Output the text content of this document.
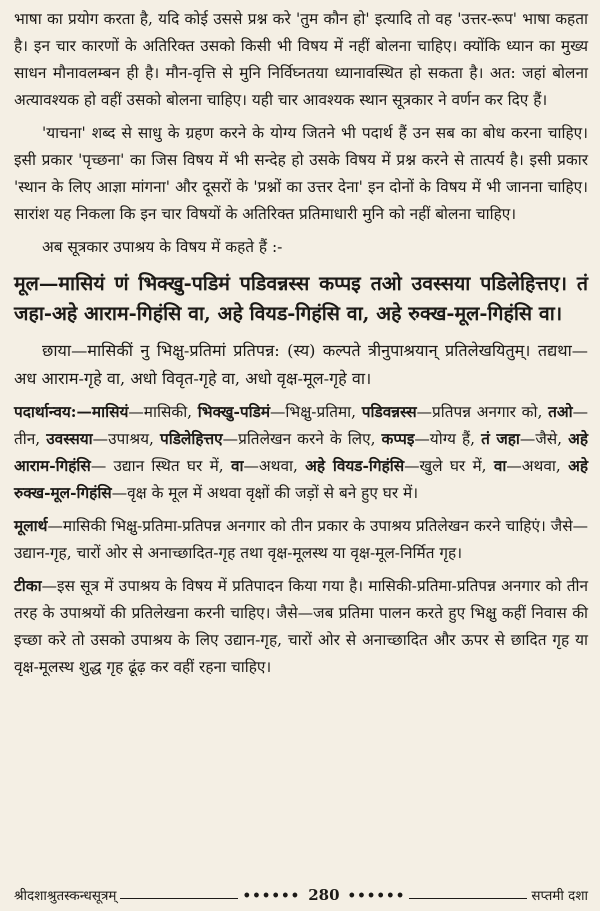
भाषा का प्रयोग करता है, यदि कोई उससे प्रश्न करे 'तुम कौन हो' इत्यादि तो वह 'उत्तर-रूप' भाषा कहता है। इन चार कारणों के अतिरिक्त उसको किसी भी विषय में नहीं बोलना चाहिए। क्योंकि ध्यान का मुख्य साधन मौनावलम्बन ही है। मौन-वृत्ति से मुनि निर्विघ्नतया ध्यानावस्थित हो सकता है। अत: जहां बोलना अत्यावश्यक हो वहीं उसको बोलना चाहिए। यही चार आवश्यक स्थान सूत्रकार ने वर्णन कर दिए हैं।

'याचना' शब्द से साधु के ग्रहण करने के योग्य जितने भी पदार्थ हैं उन सब का बोध करना चाहिए। इसी प्रकार 'पृच्छना' का जिस विषय में भी सन्देह हो उसके विषय में प्रश्न करने से तात्पर्य है। इसी प्रकार 'स्थान के लिए आज्ञा मांगना' और दूसरों के 'प्रश्नों का उत्तर देना' इन दोनों के विषय में भी जानना चाहिए। सारांश यह निकला कि इन चार विषयों के अतिरिक्त प्रतिमाधारी मुनि को नहीं बोलना चाहिए।

अब सूत्रकार उपाश्रय के विषय में कहते हैं :-

मूल—मासियं णं भिक्खु-पडिमं पडिवन्नस्स कप्पइ तओ उवस्सया पडिलेहित्तए। तं जहा-अहे आराम-गिहंसि वा, अहे वियड-गिहंसि वा, अहे रुक्ख-मूल-गिहंसि वा।

छाया—मासिकीं नु भिक्षु-प्रतिमां प्रतिपन्न: (स्य) कल्पते त्रीनुपाश्रयान् प्रतिलेखयितुम्। तद्यथा—अध आराम-गृहे वा, अधो विवृत-गृहे वा, अधो वृक्ष-मूल-गृहे वा।

पदार्थान्वय:—मासियं—मासिकी, भिक्खु-पडिमं—भिक्षु-प्रतिमा, पडिवन्नस्स—प्रतिपन्न अनगार को, तओ—तीन, उवस्सया—उपाश्रय, पडिलेहित्तए—प्रतिलेखन करने के लिए, कप्पइ—योग्य हैं, तं जहा—जैसे, अहे आराम-गिहंसि— उद्यान स्थित घर में, वा—अथवा, अहे वियड-गिहंसि—खुले घर में, वा—अथवा, अहे रुक्ख-मूल-गिहंसि—वृक्ष के मूल में अथवा वृक्षों की जड़ों से बने हुए घर में।

मूलार्थ—मासिकी भिक्षु-प्रतिमा-प्रतिपन्न अनगार को तीन प्रकार के उपाश्रय प्रतिलेखन करने चाहिएं। जैसे—उद्यान-गृह, चारों ओर से अनाच्छादित-गृह तथा वृक्ष-मूलस्थ या वृक्ष-मूल-निर्मित गृह।

टीका—इस सूत्र में उपाश्रय के विषय में प्रतिपादन किया गया है। मासिकी-प्रतिमा-प्रतिपन्न अनगार को तीन तरह के उपाश्रयों की प्रतिलेखना करनी चाहिए। जैसे—जब प्रतिमा पालन करते हुए भिक्षु कहीं निवास की इच्छा करे तो उसको उपाश्रय के लिए उद्यान-गृह, चारों ओर से अनाच्छादित और ऊपर से छादित गृह या वृक्ष-मूलस्थ शुद्ध गृह ढूंढ़ कर वहीं रहना चाहिए।

श्रीदशाश्रुतस्कन्धसूत्रम्	•••••• 280 ••••••	सप्तमी दशा
